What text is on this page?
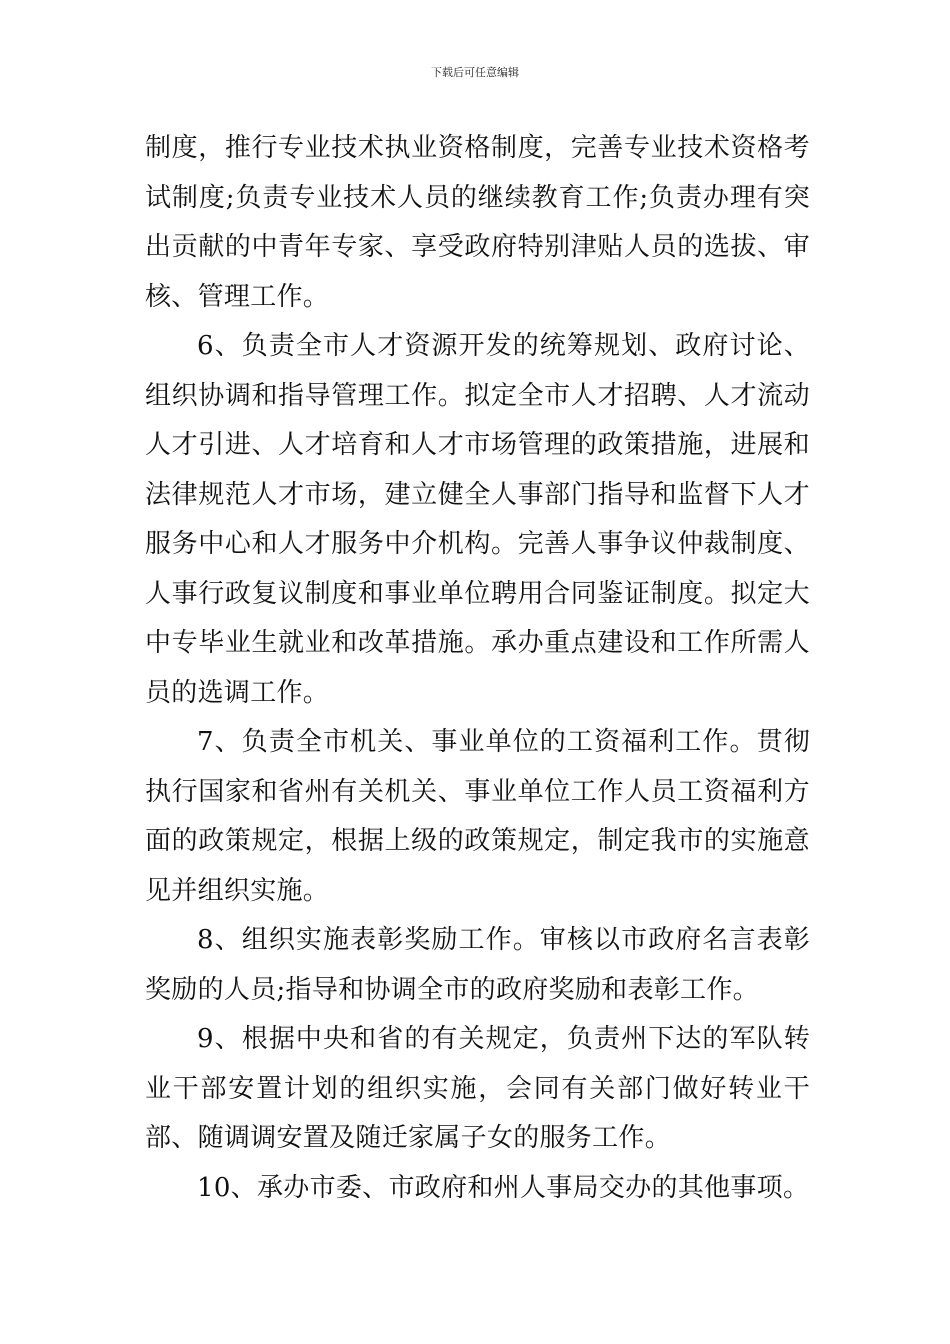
下载后可任意编辑

制度，推行专业技术执业资格制度，完善专业技术资格考试制度;负责专业技术人员的继续教育工作;负责办理有突出贡献的中青年专家、享受政府特别津贴人员的选拔、审核、管理工作。

6、负责全市人才资源开发的统筹规划、政府讨论、组织协调和指导管理工作。拟定全市人才招聘、人才流动人才引进、人才培育和人才市场管理的政策措施，进展和法律规范人才市场，建立健全人事部门指导和监督下人才服务中心和人才服务中介机构。完善人事争议仲裁制度、人事行政复议制度和事业单位聘用合同鉴证制度。拟定大中专毕业生就业和改革措施。承办重点建设和工作所需人员的选调工作。

7、负责全市机关、事业单位的工资福利工作。贯彻执行国家和省州有关机关、事业单位工作人员工资福利方面的政策规定，根据上级的政策规定，制定我市的实施意见并组织实施。

8、组织实施表彰奖励工作。审核以市政府名言表彰奖励的人员;指导和协调全市的政府奖励和表彰工作。

9、根据中央和省的有关规定，负责州下达的军队转业干部安置计划的组织实施，会同有关部门做好转业干部、随调调安置及随迁家属子女的服务工作。

10、承办市委、市政府和州人事局交办的其他事项。
